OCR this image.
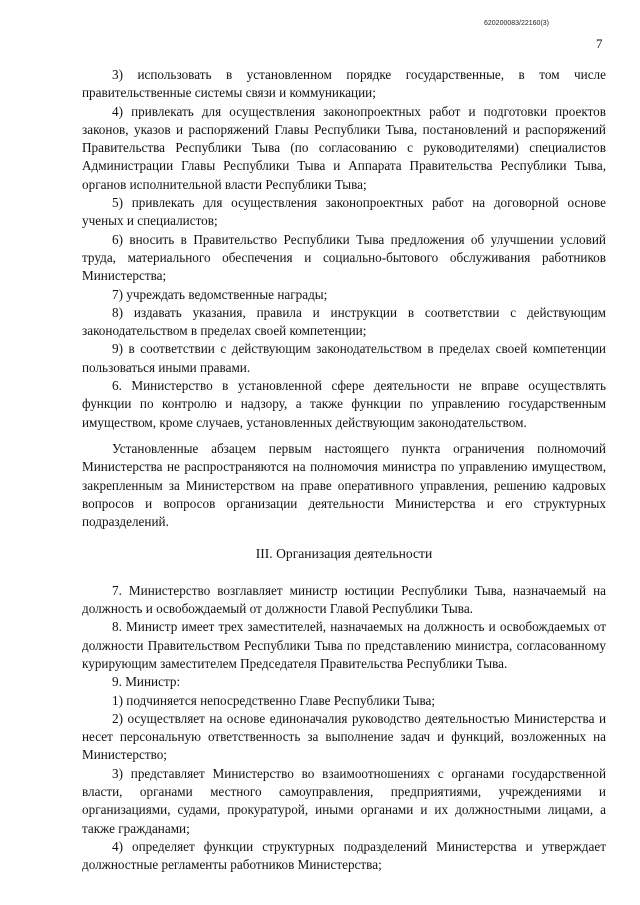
620200083/22160(3)
7

3) использовать в установленном порядке государственные, в том числе правительственные системы связи и коммуникации;

4) привлекать для осуществления законопроектных работ и подготовки проектов законов, указов и распоряжений Главы Республики Тыва, постановлений и распоряжений Правительства Республики Тыва (по согласованию с руководителями) специалистов Администрации Главы Республики Тыва и Аппарата Правительства Республики Тыва, органов исполнительной власти Республики Тыва;

5) привлекать для осуществления законопроектных работ на договорной основе ученых и специалистов;

6) вносить в Правительство Республики Тыва предложения об улучшении условий труда, материального обеспечения и социально-бытового обслуживания работников Министерства;

7) учреждать ведомственные награды;

8) издавать указания, правила и инструкции в соответствии с действующим законодательством в пределах своей компетенции;

9) в соответствии с действующим законодательством в пределах своей компетенции пользоваться иными правами.

6. Министерство в установленной сфере деятельности не вправе осуществлять функции по контролю и надзору, а также функции по управлению государственным имуществом, кроме случаев, установленных действующим законодательством.

Установленные абзацем первым настоящего пункта ограничения полномочий Министерства не распространяются на полномочия министра по управлению имуществом, закрепленным за Министерством на праве оперативного управления, решению кадровых вопросов и вопросов организации деятельности Министерства и его структурных подразделений.

III. Организация деятельности

7. Министерство возглавляет министр юстиции Республики Тыва, назначаемый на должность и освобождаемый от должности Главой Республики Тыва.

8. Министр имеет трех заместителей, назначаемых на должность и освобождаемых от должности Правительством Республики Тыва по представлению министра, согласованному курирующим заместителем Председателя Правительства Республики Тыва.

9. Министр:

1) подчиняется непосредственно Главе Республики Тыва;

2) осуществляет на основе единоначалия руководство деятельностью Министерства и несет персональную ответственность за выполнение задач и функций, возложенных на Министерство;

3) представляет Министерство во взаимоотношениях с органами государственной власти, органами местного самоуправления, предприятиями, учреждениями и организациями, судами, прокуратурой, иными органами и их должностными лицами, а также гражданами;

4) определяет функции структурных подразделений Министерства и утверждает должностные регламенты работников Министерства;
